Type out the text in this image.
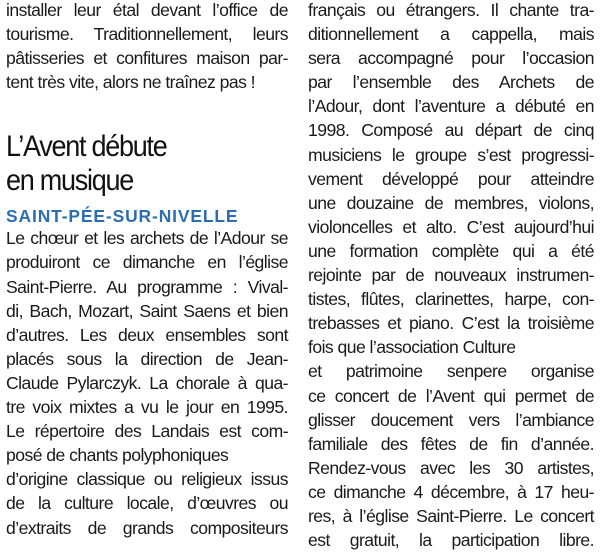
installer leur étal devant l’office de
tourisme. Traditionnellement, leurs
pâtisseries et confitures maison par-
tent très vite, alors ne traînez pas !
L’Avent débute
en musique
SAINT-PÉE-SUR-NIVELLE
Le chœur et les archets de l’Adour se
produiront ce dimanche en l’église
Saint-Pierre. Au programme : Vival-
di, Bach, Mozart, Saint Saens et bien
d’autres. Les deux ensembles sont
placés sous la direction de Jean-
Claude Pylarczyk. La chorale à qua-
tre voix mixtes a vu le jour en 1995.
Le répertoire des Landais est com-
posé de chants polyphoniques
d’origine classique ou religieux issus
de la culture locale, d’œuvres ou
d’extraits de grands compositeurs
français ou étrangers. Il chante tra-
ditionnellement a cappella, mais
sera accompagné pour l’occasion
par l’ensemble des Archets de
l’Adour, dont l’aventure a débuté en
1998. Composé au départ de cinq
musiciens le groupe s’est progressi-
vement développé pour atteindre
une douzaine de membres, violons,
violoncelles et alto. C’est aujourd’hui
une formation complète qui a été
rejointe par de nouveaux instrumen-
tistes, flûtes, clarinettes, harpe, con-
trebasses et piano. C’est la troisième
fois que l’association Culture
et patrimoine senpere organise
ce concert de l’Avent qui permet de
glisser doucement vers l’ambiance
familiale des fêtes de fin d’année.
Rendez-vous avec les 30 artistes,
ce dimanche 4 décembre, à 17 heu-
res, à l’église Saint-Pierre. Le concert
est gratuit, la participation libre.
